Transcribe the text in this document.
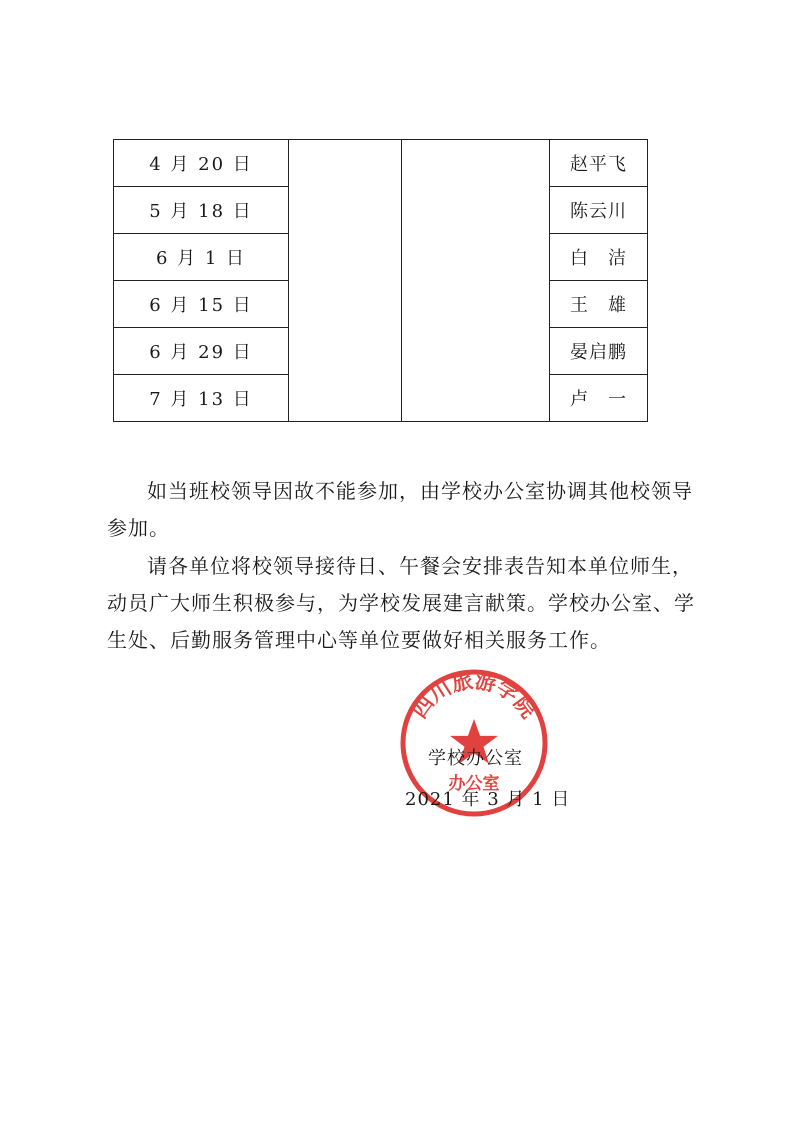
4 月 20 日			赵平飞
5 月 18 日			陈云川
6 月 1 日			白　洁
6 月 15 日			王　雄
6 月 29 日			晏启鹏
7 月 13 日			卢　一

如当班校领导因故不能参加，由学校办公室协调其他校领导参加。

请各单位将校领导接待日、午餐会安排表告知本单位师生，动员广大师生积极参与，为学校发展建言献策。学校办公室、学生处、后勤服务管理中心等单位要做好相关服务工作。

四川旅游学院
办公室

学校办公室

2021 年 3 月 1 日
